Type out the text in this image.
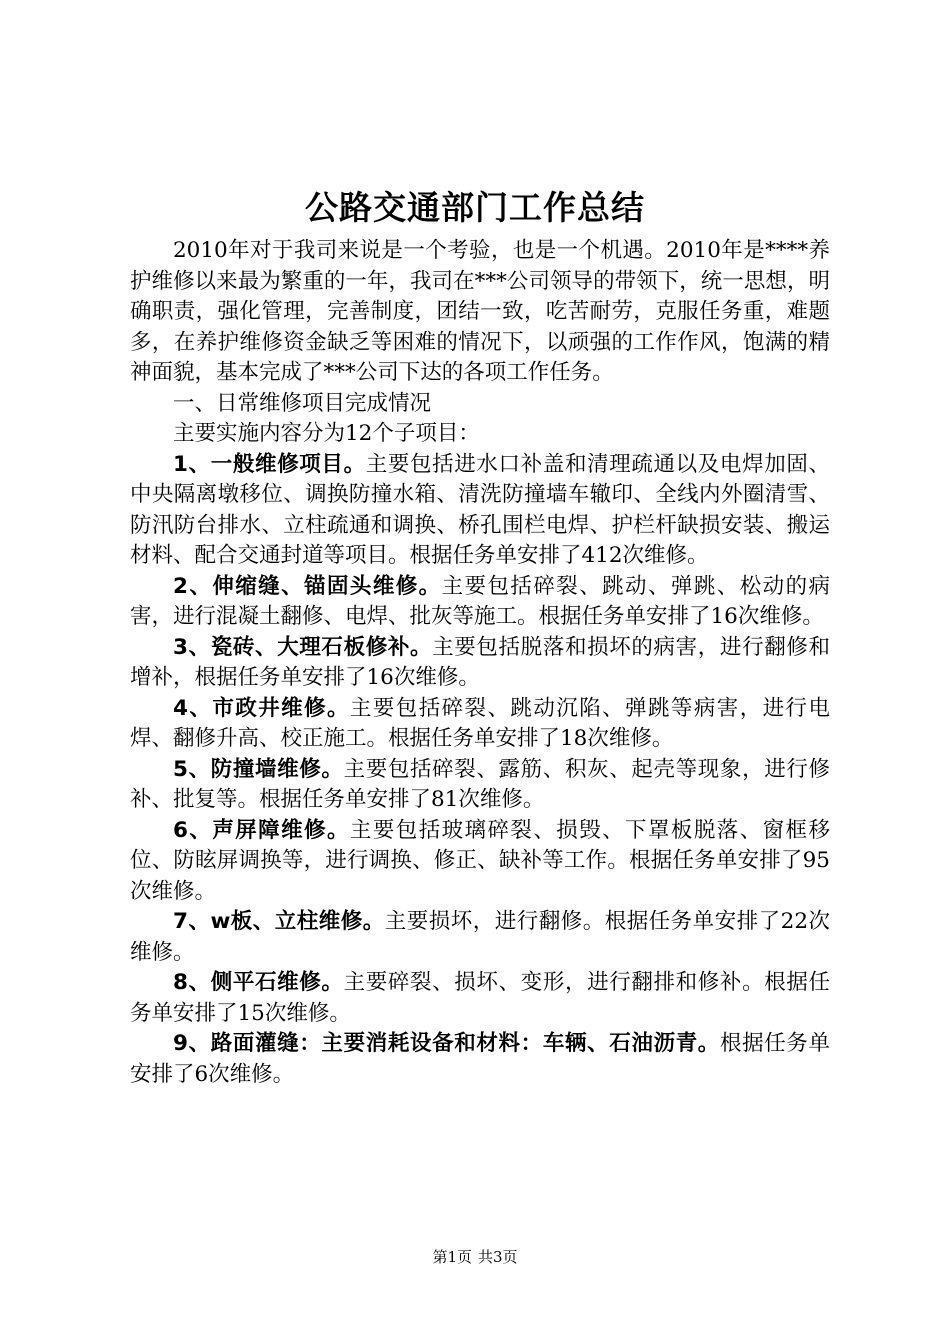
公路交通部门工作总结

2010年对于我司来说是一个考验，也是一个机遇。2010年是****养护维修以来最为繁重的一年，我司在***公司领导的带领下，统一思想，明确职责，强化管理，完善制度，团结一致，吃苦耐劳，克服任务重，难题多，在养护维修资金缺乏等困难的情况下，以顽强的工作作风，饱满的精神面貌，基本完成了***公司下达的各项工作任务。

一、日常维修项目完成情况

主要实施内容分为12个子项目：

1、一般维修项目。主要包括进水口补盖和清理疏通以及电焊加固、中央隔离墩移位、调换防撞水箱、清洗防撞墙车辙印、全线内外圈清雪、防汛防台排水、立柱疏通和调换、桥孔围栏电焊、护栏杆缺损安装、搬运材料、配合交通封道等项目。根据任务单安排了412次维修。

2、伸缩缝、锚固头维修。主要包括碎裂、跳动、弹跳、松动的病害，进行混凝土翻修、电焊、批灰等施工。根据任务单安排了16次维修。

3、瓷砖、大理石板修补。主要包括脱落和损坏的病害，进行翻修和增补，根据任务单安排了16次维修。

4、市政井维修。主要包括碎裂、跳动沉陷、弹跳等病害，进行电焊、翻修升高、校正施工。根据任务单安排了18次维修。

5、防撞墙维修。主要包括碎裂、露筋、积灰、起壳等现象，进行修补、批复等。根据任务单安排了81次维修。

6、声屏障维修。主要包括玻璃碎裂、损毁、下罩板脱落、窗框移位、防眩屏调换等，进行调换、修正、缺补等工作。根据任务单安排了95次维修。

7、w板、立柱维修。主要损坏，进行翻修。根据任务单安排了22次维修。

8、侧平石维修。主要碎裂、损坏、变形，进行翻排和修补。根据任务单安排了15次维修。

9、路面灌缝：主要消耗设备和材料：车辆、石油沥青。根据任务单安排了6次维修。

第1页 共3页
